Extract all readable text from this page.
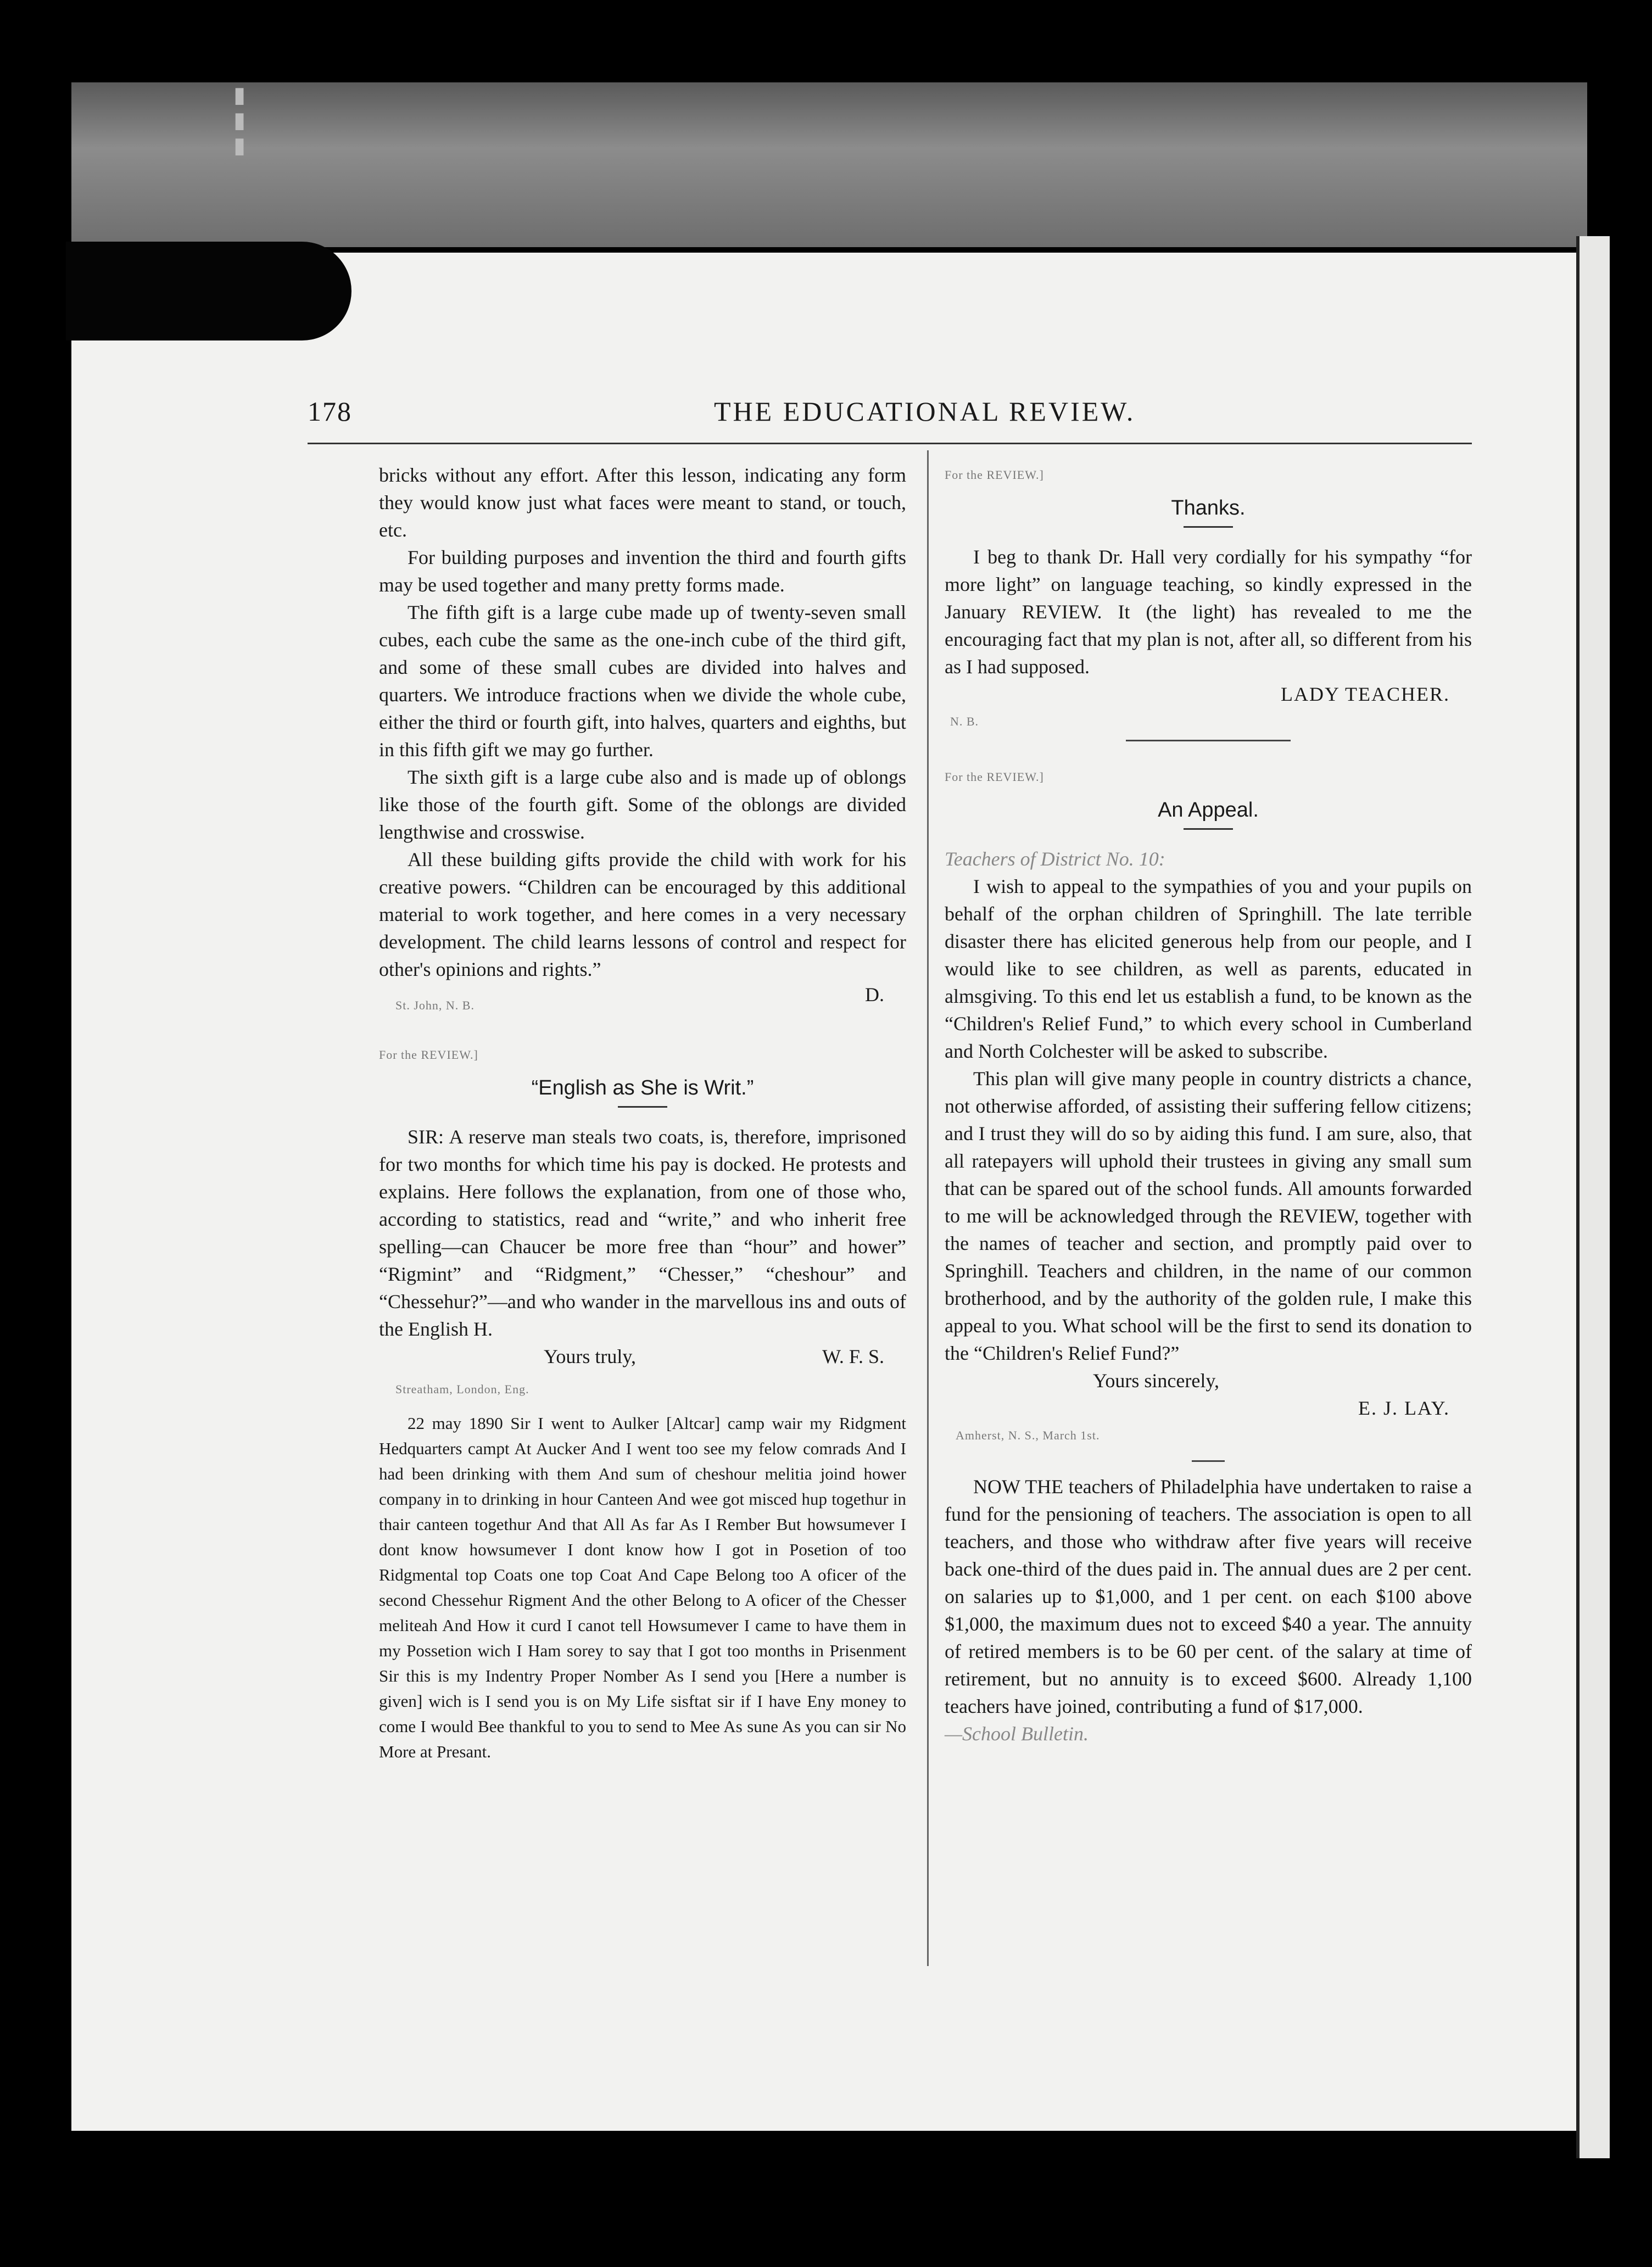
▮▮▮
178	THE EDUCATIONAL REVIEW.

bricks without any effort. After this lesson, indicating any form they would know just what faces were meant to stand, or touch, etc.

For building purposes and invention the third and fourth gifts may be used together and many pretty forms made.

The fifth gift is a large cube made up of twenty-seven small cubes, each cube the same as the one-inch cube of the third gift, and some of these small cubes are divided into halves and quarters. We introduce fractions when we divide the whole cube, either the third or fourth gift, into halves, quarters and eighths, but in this fifth gift we may go further.

The sixth gift is a large cube also and is made up of oblongs like those of the fourth gift. Some of the oblongs are divided lengthwise and crosswise.

All these building gifts provide the child with work for his creative powers. “Children can be encouraged by this additional material to work together, and here comes in a very necessary development. The child learns lessons of control and respect for other's opinions and rights.”

D.
St. John, N. B.
For the REVIEW.]
“English as She is Writ.”

SIR: A reserve man steals two coats, is, therefore, imprisoned for two months for which time his pay is docked. He protests and explains. Here follows the explanation, from one of those who, according to statistics, read and “write,” and who inherit free spelling—can Chaucer be more free than “hour” and hower” “Rigmint” and “Ridgment,” “Chesser,” “cheshour” and “Chessehur?”—and who wander in the marvellous ins and outs of the English H.

Yours truly,	W. F. S.
Streatham, London, Eng.

22 may 1890 Sir I went to Aulker [Altcar] camp wair my Ridgment Hedquarters campt At Aucker And I went too see my felow comrads And I had been drinking with them And sum of cheshour melitia joind hower company in to drinking in hour Canteen And wee got misced hup togethur in thair canteen togethur And that All As far As I Rember But howsumever I dont know howsumever I dont know how I got in Posetion of too Ridgmental top Coats one top Coat And Cape Belong too A oficer of the second Chessehur Rigment And the other Belong to A oficer of the Chesser meliteah And How it curd I canot tell Howsumever I came to have them in my Possetion wich I Ham sorey to say that I got too months in Prisenment Sir this is my Indentry Proper Nomber As I send you [Here a number is given] wich is I send you is on My Life sisftat sir if I have Eny money to come I would Bee thankful to you to send to Mee As sune As you can sir No More at Presant.

For the REVIEW.]
Thanks.

I beg to thank Dr. Hall very cordially for his sympathy “for more light” on language teaching, so kindly expressed in the January REVIEW. It (the light) has revealed to me the encouraging fact that my plan is not, after all, so different from his as I had supposed.

LADY TEACHER.
N. B.
For the REVIEW.]
An Appeal.

Teachers of District No. 10:

I wish to appeal to the sympathies of you and your pupils on behalf of the orphan children of Springhill. The late terrible disaster there has elicited generous help from our people, and I would like to see children, as well as parents, educated in almsgiving. To this end let us establish a fund, to be known as the “Children's Relief Fund,” to which every school in Cumberland and North Colchester will be asked to subscribe.

This plan will give many people in country districts a chance, not otherwise afforded, of assisting their suffering fellow citizens; and I trust they will do so by aiding this fund. I am sure, also, that all ratepayers will uphold their trustees in giving any small sum that can be spared out of the school funds. All amounts forwarded to me will be acknowledged through the REVIEW, together with the names of teacher and section, and promptly paid over to Springhill. Teachers and children, in the name of our common brotherhood, and by the authority of the golden rule, I make this appeal to you. What school will be the first to send its donation to the “Children's Relief Fund?”

Yours sincerely,
E. J. LAY.
Amherst, N. S., March 1st.

NOW THE teachers of Philadelphia have undertaken to raise a fund for the pensioning of teachers. The association is open to all teachers, and those who withdraw after five years will receive back one-third of the dues paid in. The annual dues are 2 per cent. on salaries up to $1,000, and 1 per cent. on each $100 above $1,000, the maximum dues not to exceed $40 a year. The annuity of retired members is to be 60 per cent. of the salary at time of retirement, but no annuity is to exceed $600. Already 1,100 teachers have joined, contributing a fund of $17,000.

—School Bulletin.
